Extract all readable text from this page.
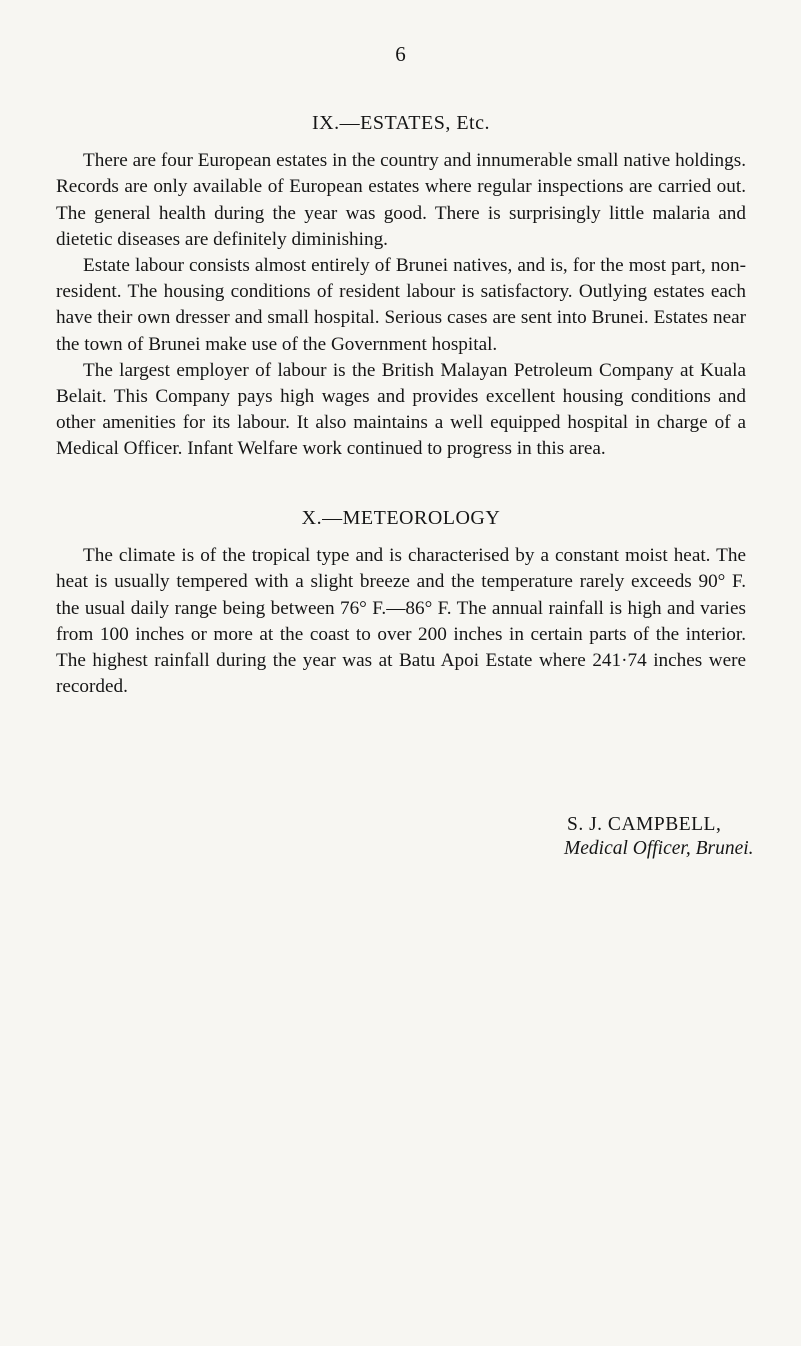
6
IX.—ESTATES, Etc.

There are four European estates in the country and innumerable small native holdings. Records are only available of European estates where regular inspections are carried out. The general health during the year was good. There is surprisingly little malaria and dietetic diseases are definitely diminishing.

Estate labour consists almost entirely of Brunei natives, and is, for the most part, non-resident. The housing conditions of resident labour is satisfactory. Outlying estates each have their own dresser and small hospital. Serious cases are sent into Brunei. Estates near the town of Brunei make use of the Government hospital.

The largest employer of labour is the British Malayan Petroleum Company at Kuala Belait. This Company pays high wages and provides excellent housing conditions and other amenities for its labour. It also maintains a well equipped hospital in charge of a Medical Officer. Infant Welfare work continued to progress in this area.

X.—METEOROLOGY

The climate is of the tropical type and is characterised by a constant moist heat. The heat is usually tempered with a slight breeze and the temperature rarely exceeds 90° F. the usual daily range being between 76° F.—86° F. The annual rainfall is high and varies from 100 inches or more at the coast to over 200 inches in certain parts of the interior. The highest rainfall during the year was at Batu Apoi Estate where 241·74 inches were recorded.

S. J. CAMPBELL,
Medical Officer, Brunei.
